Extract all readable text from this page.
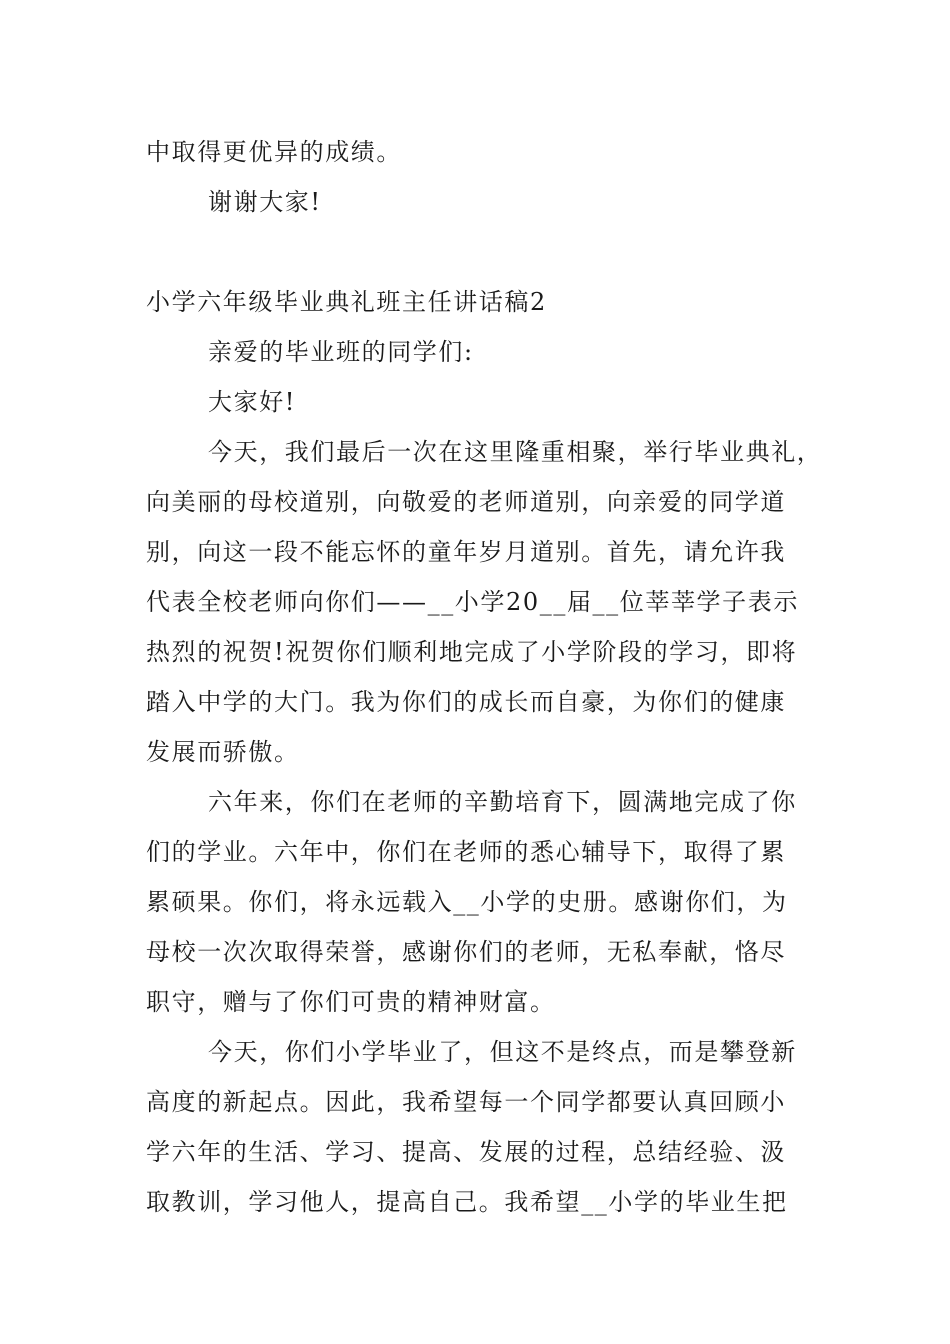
中取得更优异的成绩。
谢谢大家!
小学六年级毕业典礼班主任讲话稿2
亲爱的毕业班的同学们:
大家好!
今天，我们最后一次在这里隆重相聚，举行毕业典礼，
向美丽的母校道别，向敬爱的老师道别，向亲爱的同学道
别，向这一段不能忘怀的童年岁月道别。首先，请允许我
代表全校老师向你们——__小学20__届__位莘莘学子表示
热烈的祝贺!祝贺你们顺利地完成了小学阶段的学习，即将
踏入中学的大门。我为你们的成长而自豪，为你们的健康
发展而骄傲。
六年来，你们在老师的辛勤培育下，圆满地完成了你
们的学业。六年中，你们在老师的悉心辅导下，取得了累
累硕果。你们，将永远载入__小学的史册。感谢你们，为
母校一次次取得荣誉，感谢你们的老师，无私奉献，恪尽
职守，赠与了你们可贵的精神财富。
今天，你们小学毕业了，但这不是终点，而是攀登新
高度的新起点。因此，我希望每一个同学都要认真回顾小
学六年的生活、学习、提高、发展的过程，总结经验、汲
取教训，学习他人，提高自己。我希望__小学的毕业生把
